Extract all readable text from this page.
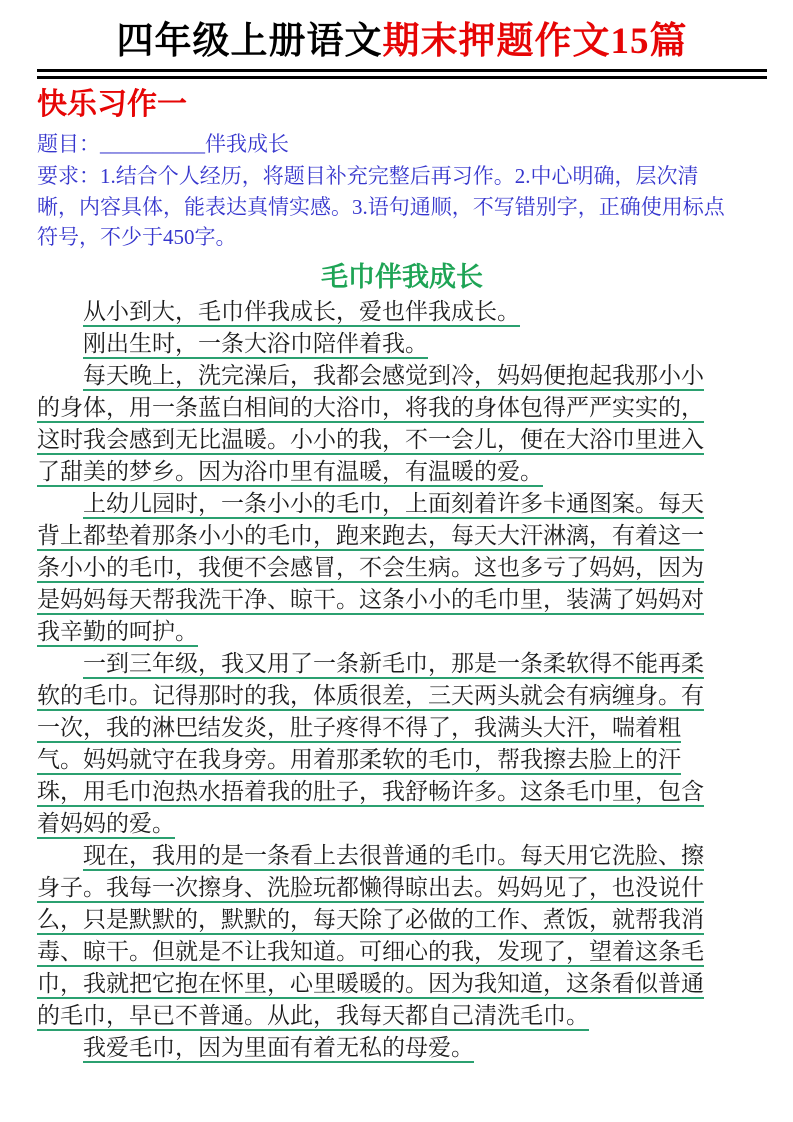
四年级上册语文期末押题作文15篇
快乐习作一

题目：__________伴我成长

要求：1.结合个人经历，将题目补充完整后再习作。2.中心明确，层次清
晰，内容具体，能表达真情实感。3.语句通顺，不写错别字，正确使用标点
符号，不少于450字。
毛巾伴我成长
从小到大，毛巾伴我成长，爱也伴我成长。
刚出生时，一条大浴巾陪伴着我。
每天晚上，洗完澡后，我都会感觉到冷，妈妈便抱起我那小小
的身体，用一条蓝白相间的大浴巾，将我的身体包得严严实实的，
这时我会感到无比温暖。小小的我，不一会儿，便在大浴巾里进入
了甜美的梦乡。因为浴巾里有温暖，有温暖的爱。
上幼儿园时，一条小小的毛巾，上面刻着许多卡通图案。每天
背上都垫着那条小小的毛巾，跑来跑去，每天大汗淋漓，有着这一
条小小的毛巾，我便不会感冒，不会生病。这也多亏了妈妈，因为
是妈妈每天帮我洗干净、晾干。这条小小的毛巾里，装满了妈妈对
我辛勤的呵护。
一到三年级，我又用了一条新毛巾，那是一条柔软得不能再柔
软的毛巾。记得那时的我，体质很差，三天两头就会有病缠身。有
一次，我的淋巴结发炎，肚子疼得不得了，我满头大汗，喘着粗
气。妈妈就守在我身旁。用着那柔软的毛巾，帮我擦去脸上的汗
珠，用毛巾泡热水捂着我的肚子，我舒畅许多。这条毛巾里，包含
着妈妈的爱。
现在，我用的是一条看上去很普通的毛巾。每天用它洗脸、擦
身子。我每一次擦身、洗脸玩都懒得晾出去。妈妈见了，也没说什
么，只是默默的，默默的，每天除了必做的工作、煮饭，就帮我消
毒、晾干。但就是不让我知道。可细心的我，发现了，望着这条毛
巾，我就把它抱在怀里，心里暖暖的。因为我知道，这条看似普通
的毛巾，早已不普通。从此，我每天都自己清洗毛巾。
我爱毛巾，因为里面有着无私的母爱。
